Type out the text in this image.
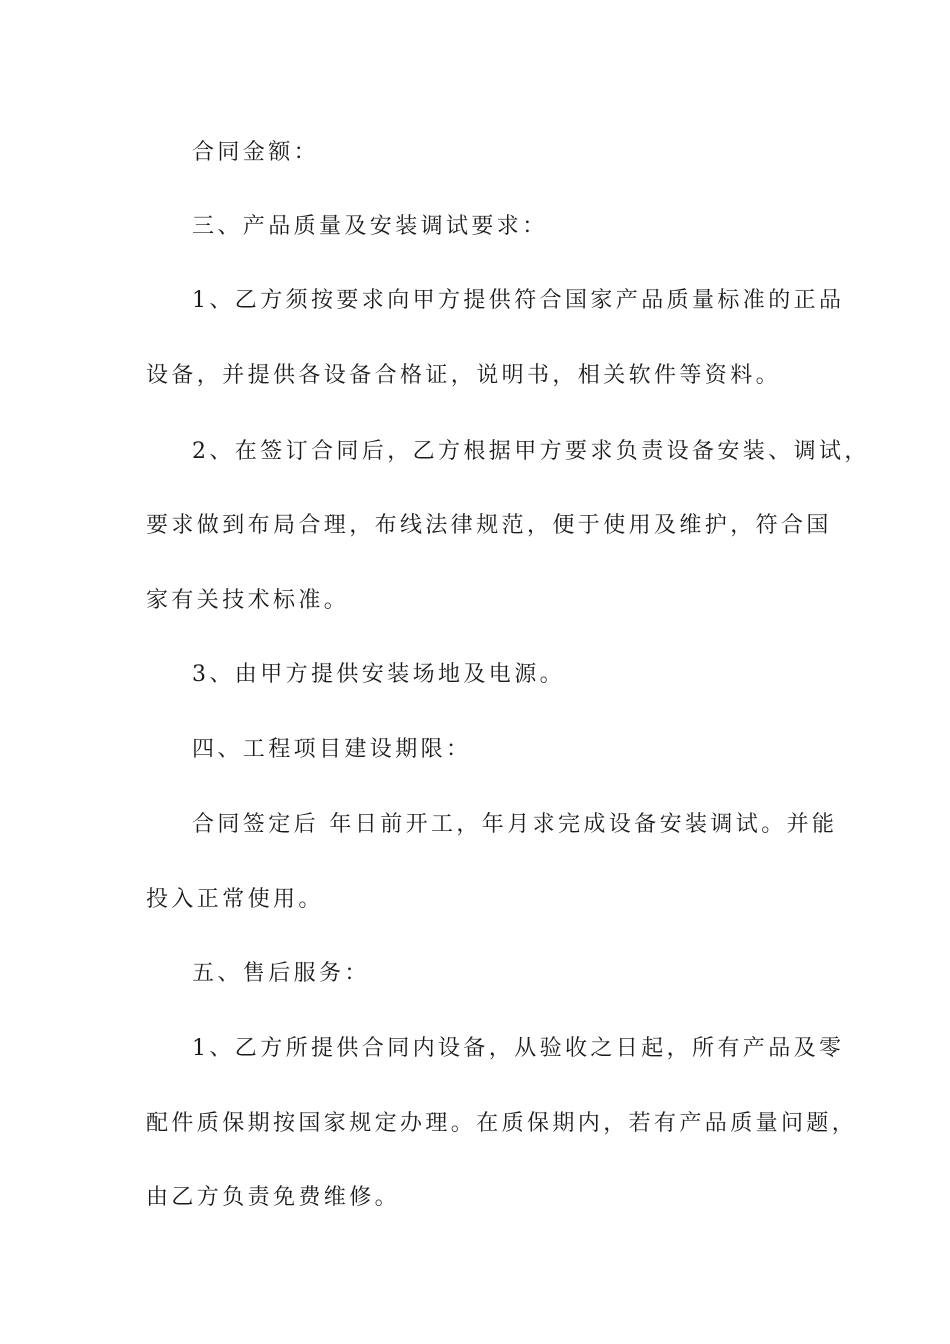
合同金额：
三、产品质量及安装调试要求：
1、乙方须按要求向甲方提供符合国家产品质量标准的正品
设备，并提供各设备合格证，说明书，相关软件等资料。
2、在签订合同后，乙方根据甲方要求负责设备安装、调试，
要求做到布局合理，布线法律规范，便于使用及维护，符合国
家有关技术标准。
3、由甲方提供安装场地及电源。
四、工程项目建设期限：
合同签定后 年日前开工，年月求完成设备安装调试。并能
投入正常使用。
五、售后服务：
1、乙方所提供合同内设备，从验收之日起，所有产品及零
配件质保期按国家规定办理。在质保期内，若有产品质量问题，
由乙方负责免费维修。
